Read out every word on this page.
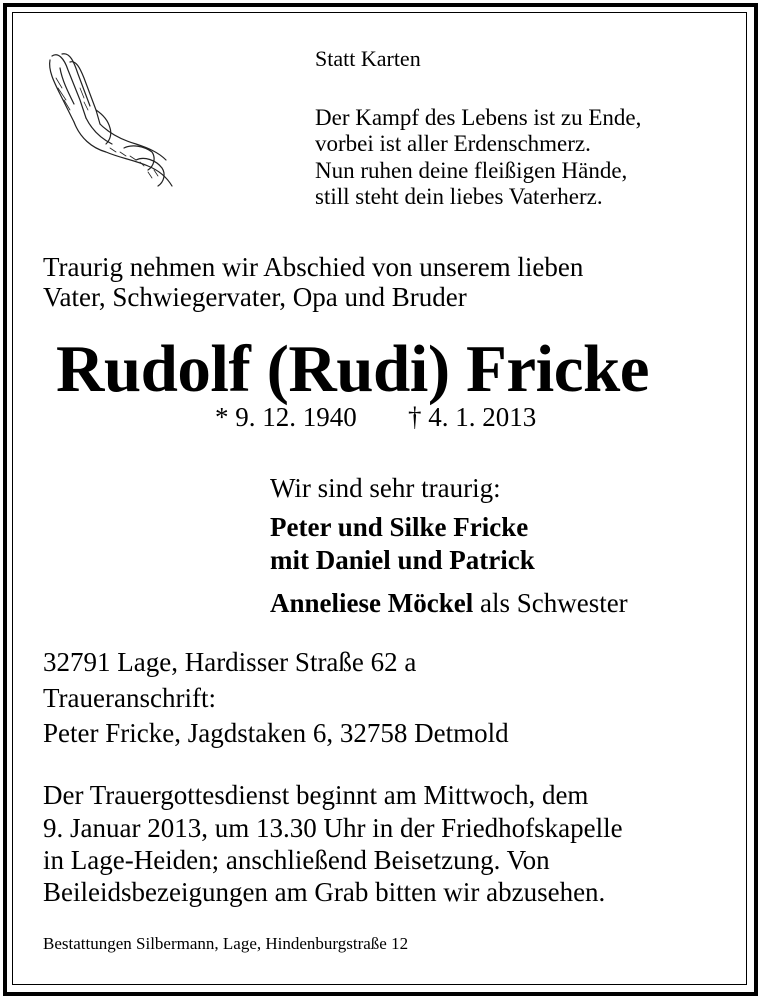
Statt Karten
Der Kampf des Lebens ist zu Ende,
vorbei ist aller Erdenschmerz.
Nun ruhen deine fleißigen Hände,
still steht dein liebes Vaterherz.
Traurig nehmen wir Abschied von unserem lieben
Vater, Schwiegervater, Opa und Bruder
Rudolf (Rudi) Fricke
* 9. 12. 1940 † 4. 1. 2013
Wir sind sehr traurig:
Peter und Silke Fricke
mit Daniel und Patrick
Anneliese Möckel als Schwester
32791 Lage, Hardisser Straße 62 a
Traueranschrift:
Peter Fricke, Jagdstaken 6, 32758 Detmold
Der Trauergottesdienst beginnt am Mittwoch, dem
9. Januar 2013, um 13.30 Uhr in der Friedhofskapelle
in Lage-Heiden; anschließend Beisetzung. Von
Beileidsbezeigungen am Grab bitten wir abzusehen.
Bestattungen Silbermann, Lage, Hindenburgstraße 12
